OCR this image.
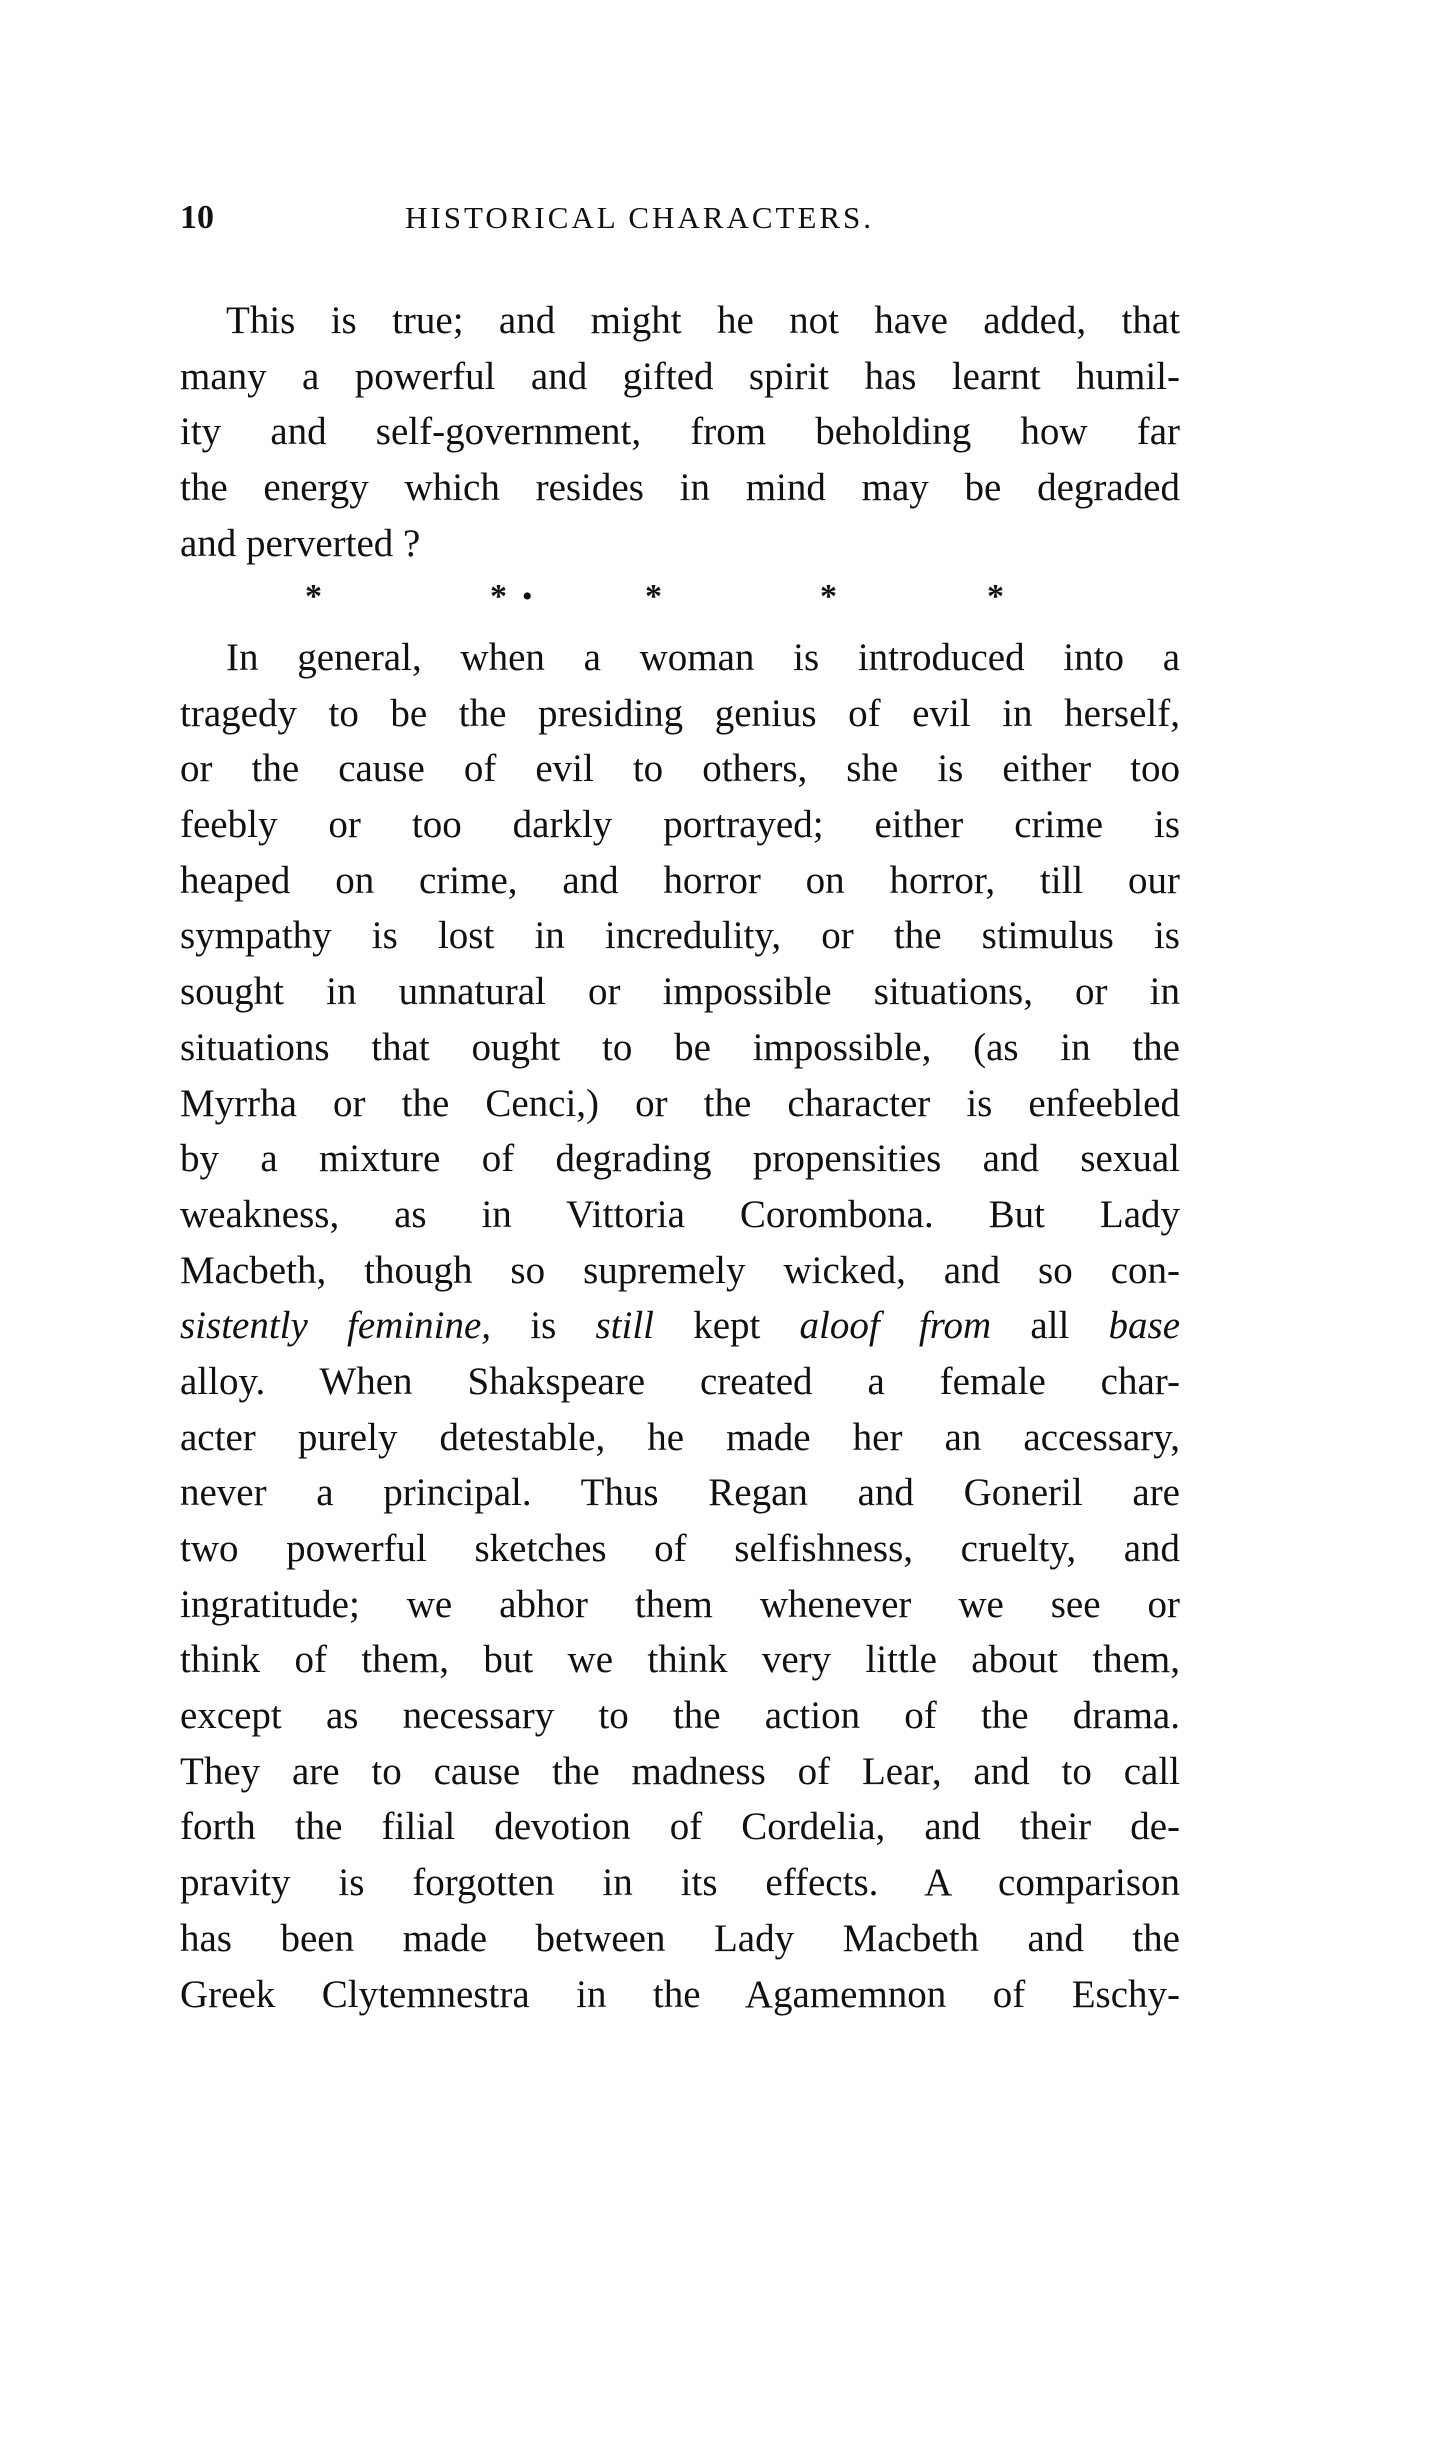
10	HISTORICAL CHARACTERS.
This is true; and might he not have added, that
many a powerful and gifted spirit has learnt humil-
ity and self-government, from beholding how far
the energy which resides in mind may be degraded
and perverted ?
*	* •	*	*	*
In general, when a woman is introduced into a
tragedy to be the presiding genius of evil in herself,
or the cause of evil to others, she is either too
feebly or too darkly portrayed; either crime is
heaped on crime, and horror on horror, till our
sympathy is lost in incredulity, or the stimulus is
sought in unnatural or impossible situations, or in
situations that ought to be impossible, (as in the
Myrrha or the Cenci,) or the character is enfeebled
by a mixture of degrading propensities and sexual
weakness, as in Vittoria Corombona. But Lady
Macbeth, though so supremely wicked, and so con-
sistently feminine, is still kept aloof from all base
alloy. When Shakspeare created a female char-
acter purely detestable, he made her an accessary,
never a principal. Thus Regan and Goneril are
two powerful sketches of selfishness, cruelty, and
ingratitude; we abhor them whenever we see or
think of them, but we think very little about them,
except as necessary to the action of the drama.
They are to cause the madness of Lear, and to call
forth the filial devotion of Cordelia, and their de-
pravity is forgotten in its effects. A comparison
has been made between Lady Macbeth and the
Greek Clytemnestra in the Agamemnon of Eschy-
